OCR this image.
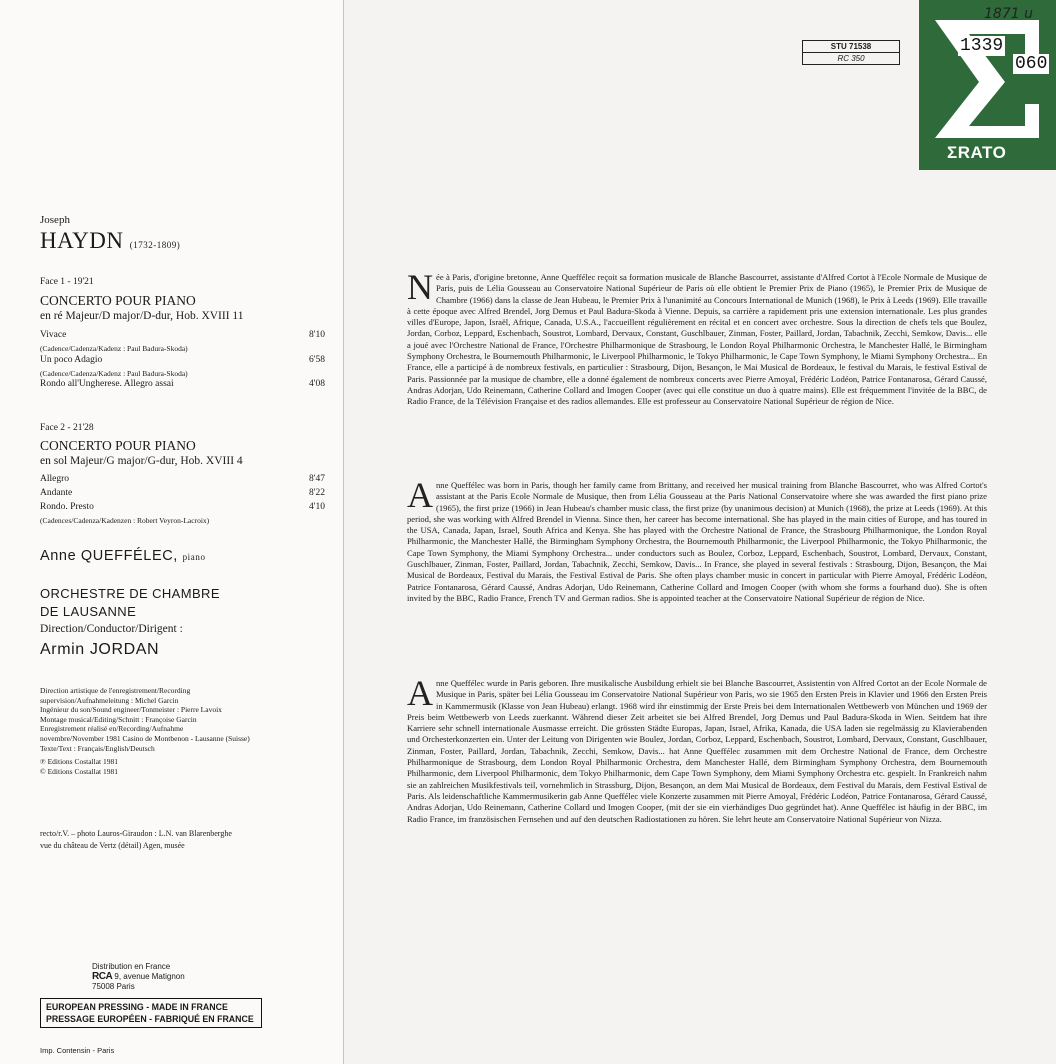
Joseph
HAYDN (1732-1809)
Face 1 - 19'21
CONCERTO POUR PIANO
en ré Majeur/D major/D-dur, Hob. XVIII 11
Vivace	8'10
(Cadence/Cadenza/Kadenz : Paul Badura-Skoda)
Un poco Adagio	6'58
(Cadence/Cadenza/Kadenz : Paul Badura-Skoda)
Rondo all'Ungherese. Allegro assai	4'08
Face 2 - 21'28
CONCERTO POUR PIANO
en sol Majeur/G major/G-dur, Hob. XVIII 4
Allegro	8'47
Andante	8'22
Rondo. Presto	4'10
(Cadences/Cadenza/Kadenzen : Robert Veyron-Lacroix)
Anne QUEFFÉLEC, piano
ORCHESTRE DE CHAMBRE
DE LAUSANNE
Direction/Conductor/Dirigent :
Armin JORDAN
Direction artistique de l'enregistrement/Recording
supervision/Aufnahmeleitung : Michel Garcin
Ingénieur du son/Sound engineer/Tonmeister : Pierre Lavoix
Montage musical/Editing/Schnitt : Françoise Garcin
Enregistrement réalisé en/Recording/Aufnahme
novembre/November 1981 Casino de Montbenon - Lausanne (Suisse)
Texte/Text : Français/English/Deutsch
℗ Editions Costallat 1981
© Editions Costallat 1981
recto/r.V. – photo Lauros-Giraudon : L.N. van Blarenberghe
vue du château de Vertz (détail) Agen, musée
Distribution en France
RCA 9, avenue Matignon
75008 Paris
EUROPEAN PRESSING - MADE IN FRANCE
PRESSAGE EUROPÉEN - FABRIQUÉ EN FRANCE
Imp. Contensin - Paris
STU 71538
RC 350
ΣRATO
1339
060
1871 u
Née à Paris, d'origine bretonne, Anne Queffélec reçoit sa formation musicale de Blanche Bascourret, assistante d'Alfred Cortot à l'Ecole Normale de Musique de Paris, puis de Lélia Gousseau au Conservatoire National Supérieur de Paris où elle obtient le Premier Prix de Piano (1965), le Premier Prix de Musique de Chambre (1966) dans la classe de Jean Hubeau, le Premier Prix à l'unanimité au Concours International de Munich (1968), le Prix à Leeds (1969). Elle travaille à cette époque avec Alfred Brendel, Jorg Demus et Paul Badura-Skoda à Vienne. Depuis, sa carrière a rapidement pris une extension internationale. Les plus grandes villes d'Europe, Japon, Israël, Afrique, Canada, U.S.A., l'accueillent régulièrement en récital et en concert avec orchestre. Sous la direction de chefs tels que Boulez, Jordan, Corboz, Leppard, Eschenbach, Soustrot, Lombard, Dervaux, Constant, Guschlbauer, Zinman, Foster, Paillard, Jordan, Tabachnik, Zecchi, Semkow, Davis... elle a joué avec l'Orchestre National de France, l'Orchestre Philharmonique de Strasbourg, le London Royal Philharmonic Orchestra, le Manchester Hallé, le Birmingham Symphony Orchestra, le Bournemouth Philharmonic, le Liverpool Philharmonic, le Tokyo Philharmonic, le Cape Town Symphony, le Miami Symphony Orchestra... En France, elle a participé à de nombreux festivals, en particulier : Strasbourg, Dijon, Besançon, le Mai Musical de Bordeaux, le festival du Marais, le festival Estival de Paris. Passionnée par la musique de chambre, elle a donné également de nombreux concerts avec Pierre Amoyal, Frédéric Lodéon, Patrice Fontanarosa, Gérard Caussé, Andras Adorjan, Udo Reinemann, Catherine Collard and Imogen Cooper (avec qui elle constitue un duo à quatre mains). Elle est fréquemment l'invitée de la BBC, de Radio France, de la Télévision Française et des radios allemandes. Elle est professeur au Conservatoire National Supérieur de région de Nice.
Anne Queffélec was born in Paris, though her family came from Brittany, and received her musical training from Blanche Bascourret, who was Alfred Cortot's assistant at the Paris Ecole Normale de Musique, then from Lélia Gousseau at the Paris National Conservatoire where she was awarded the first piano prize (1965), the first prize (1966) in Jean Hubeau's chamber music class, the first prize (by unanimous decision) at Munich (1968), the prize at Leeds (1969). At this period, she was working with Alfred Brendel in Vienna. Since then, her career has become international. She has played in the main cities of Europe, and has toured in the USA, Canada, Japan, Israel, South Africa and Kenya. She has played with the Orchestre National de France, the Strasbourg Philharmonique, the London Royal Philharmonic, the Manchester Hallé, the Birmingham Symphony Orchestra, the Bournemouth Philharmonic, the Liverpool Philharmonic, the Tokyo Philharmonic, the Cape Town Symphony, the Miami Symphony Orchestra... under conductors such as Boulez, Corboz, Leppard, Eschenbach, Soustrot, Lombard, Dervaux, Constant, Guschlbauer, Zinman, Foster, Paillard, Jordan, Tabachnik, Zecchi, Semkow, Davis... In France, she played in several festivals : Strasbourg, Dijon, Besançon, the Mai Musical de Bordeaux, Festival du Marais, the Festival Estival de Paris. She often plays chamber music in concert in particular with Pierre Amoyal, Frédéric Lodéon, Patrice Fontanarosa, Gérard Caussé, Andras Adorjan, Udo Reinemann, Catherine Collard and Imogen Cooper (with whom she forms a fourhand duo). She is often invited by the BBC, Radio France, French TV and German radios. She is appointed teacher at the Conservatoire National Supérieur de région de Nice.
Anne Queffélec wurde in Paris geboren. Ihre musikalische Ausbildung erhielt sie bei Blanche Bascourret, Assistentin von Alfred Cortot an der Ecole Normale de Musique in Paris, später bei Lélia Gousseau im Conservatoire National Supérieur von Paris, wo sie 1965 den Ersten Preis in Klavier und 1966 den Ersten Preis in Kammermusik (Klasse von Jean Hubeau) erlangt. 1968 wird ihr einstimmig der Erste Preis bei dem Internationalen Wettbewerb von München und 1969 der Preis beim Wettbewerb von Leeds zuerkannt. Während dieser Zeit arbeitet sie bei Alfred Brendel, Jorg Demus und Paul Badura-Skoda in Wien. Seitdem hat ihre Karriere sehr schnell internationale Ausmasse erreicht. Die grössten Städte Europas, Japan, Israel, Afrika, Kanada, die USA laden sie regelmässig zu Klavierabenden und Orchesterkonzerten ein. Unter der Leitung von Dirigenten wie Boulez, Jordan, Corboz, Leppard, Eschenbach, Soustrot, Lombard, Dervaux, Constant, Guschlbauer, Zinman, Foster, Paillard, Jordan, Tabachnik, Zecchi, Semkow, Davis... hat Anne Queffélec zusammen mit dem Orchestre National de France, dem Orchestre Philharmonique de Strasbourg, dem London Royal Philharmonic Orchestra, dem Manchester Hallé, dem Birmingham Symphony Orchestra, dem Bournemouth Philharmonic, dem Liverpool Philharmonic, dem Tokyo Philharmonic, dem Cape Town Symphony, dem Miami Symphony Orchestra etc. gespielt. In Frankreich nahm sie an zahlreichen Musikfestivals teil, vornehmlich in Strassburg, Dijon, Besançon, an dem Mai Musical de Bordeaux, dem Festival du Marais, dem Festival Estival de Paris. Als leidenschaftliche Kammermusikerin gab Anne Queffélec viele Konzerte zusammen mit Pierre Amoyal, Frédéric Lodéon, Patrice Fontanarosa, Gérard Caussé, Andras Adorjan, Udo Reinemann, Catherine Collard und Imogen Cooper, (mit der sie ein vierhändiges Duo gegründet hat). Anne Queffélec ist häufig in der BBC, im Radio France, im französischen Fernsehen und auf den deutschen Radiostationen zu hören. Sie lehrt heute am Conservatoire National Supérieur von Nizza.
